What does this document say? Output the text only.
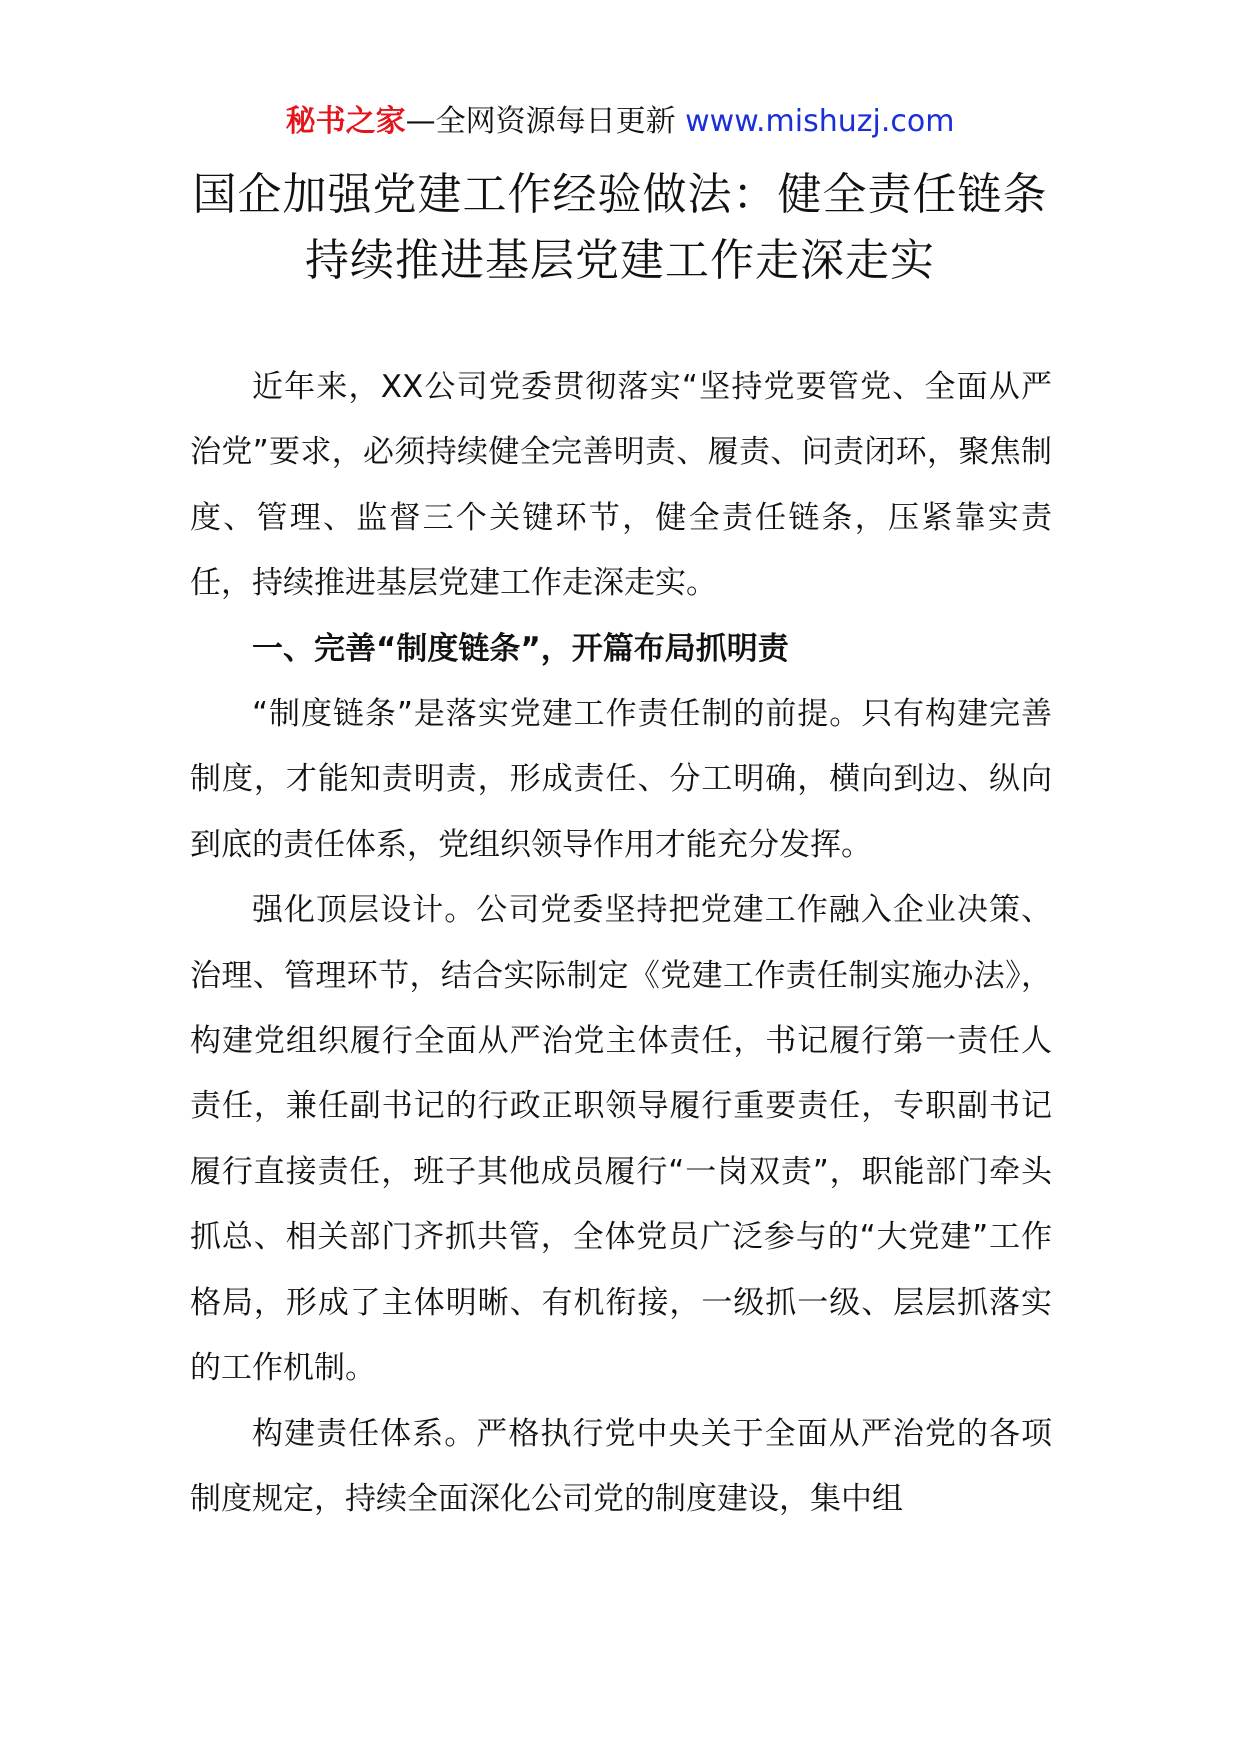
秘书之家—全网资源每日更新 www.mishuzj.com
国企加强党建工作经验做法：健全责任链条持续推进基层党建工作走深走实

近年来，XX公司党委贯彻落实“坚持党要管党、全面从严治党”要求，必须持续健全完善明责、履责、问责闭环，聚焦制度、管理、监督三个关键环节，健全责任链条，压紧靠实责任，持续推进基层党建工作走深走实。

一、完善“制度链条”，开篇布局抓明责

“制度链条”是落实党建工作责任制的前提。只有构建完善制度，才能知责明责，形成责任、分工明确，横向到边、纵向到底的责任体系，党组织领导作用才能充分发挥。

强化顶层设计。公司党委坚持把党建工作融入企业决策、治理、管理环节，结合实际制定《党建工作责任制实施办法》，构建党组织履行全面从严治党主体责任，书记履行第一责任人责任，兼任副书记的行政正职领导履行重要责任，专职副书记履行直接责任，班子其他成员履行“一岗双责”，职能部门牵头抓总、相关部门齐抓共管，全体党员广泛参与的“大党建”工作格局，形成了主体明晰、有机衔接，一级抓一级、层层抓落实的工作机制。

构建责任体系。严格执行党中央关于全面从严治党的各项制度规定，持续全面深化公司党的制度建设，集中组
